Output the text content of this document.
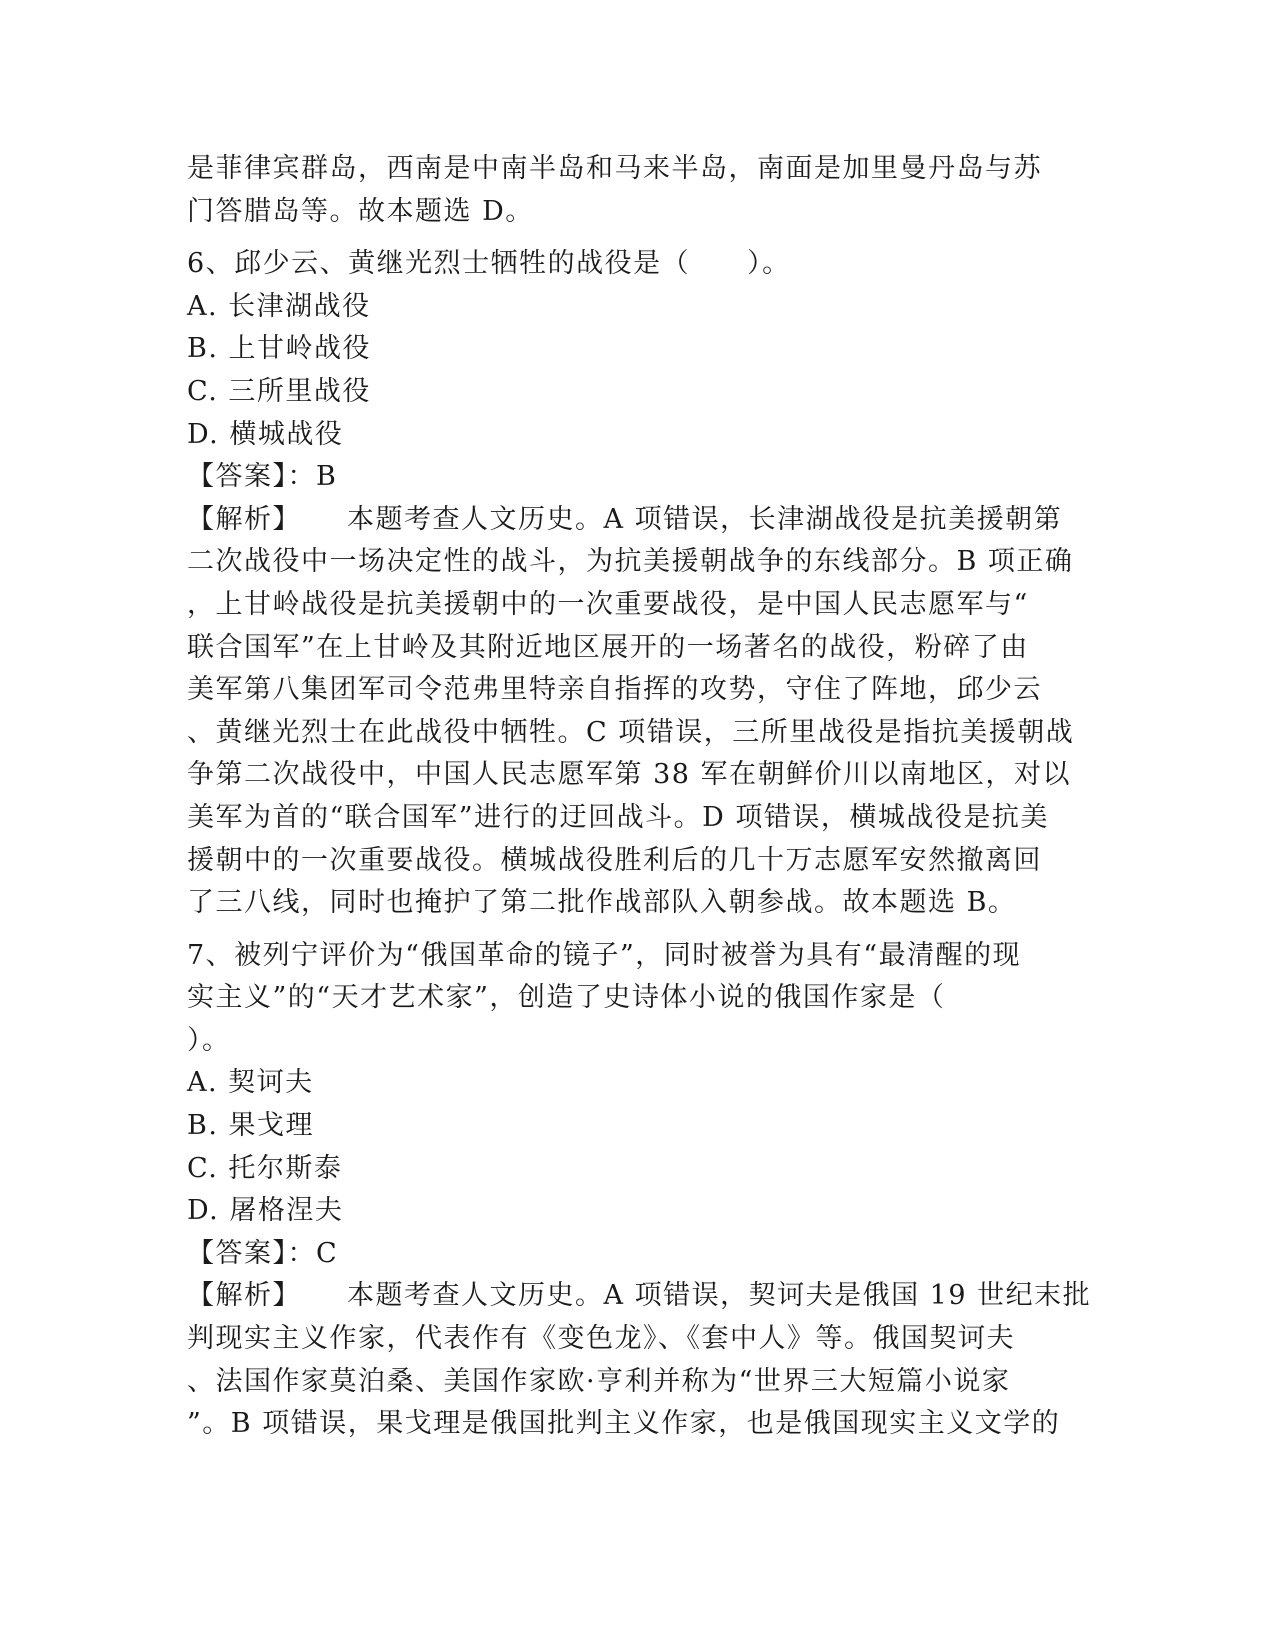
是菲律宾群岛，西南是中南半岛和马来半岛，南面是加里曼丹岛与苏
门答腊岛等。故本题选 D。
6、邱少云、黄继光烈士牺牲的战役是（　　）。
A. 长津湖战役
B. 上甘岭战役
C. 三所里战役
D. 横城战役
【答案】：B
【解析】 本题考查人文历史。A 项错误，长津湖战役是抗美援朝第
二次战役中一场决定性的战斗，为抗美援朝战争的东线部分。B 项正确
，上甘岭战役是抗美援朝中的一次重要战役，是中国人民志愿军与“
联合国军”在上甘岭及其附近地区展开的一场著名的战役，粉碎了由
美军第八集团军司令范弗里特亲自指挥的攻势，守住了阵地，邱少云
、黄继光烈士在此战役中牺牲。C 项错误，三所里战役是指抗美援朝战
争第二次战役中，中国人民志愿军第 38 军在朝鲜价川以南地区，对以
美军为首的“联合国军”进行的迂回战斗。D 项错误，横城战役是抗美
援朝中的一次重要战役。横城战役胜利后的几十万志愿军安然撤离回
了三八线，同时也掩护了第二批作战部队入朝参战。故本题选 B。
7、被列宁评价为“俄国革命的镜子”，同时被誉为具有“最清醒的现
实主义”的“天才艺术家”，创造了史诗体小说的俄国作家是（
）。
A. 契诃夫
B. 果戈理
C. 托尔斯泰
D. 屠格涅夫
【答案】：C
【解析】 本题考查人文历史。A 项错误，契诃夫是俄国 19 世纪末批
判现实主义作家，代表作有《变色龙》、《套中人》等。俄国契诃夫
、法国作家莫泊桑、美国作家欧·亨利并称为“世界三大短篇小说家
”。B 项错误，果戈理是俄国批判主义作家，也是俄国现实主义文学的
